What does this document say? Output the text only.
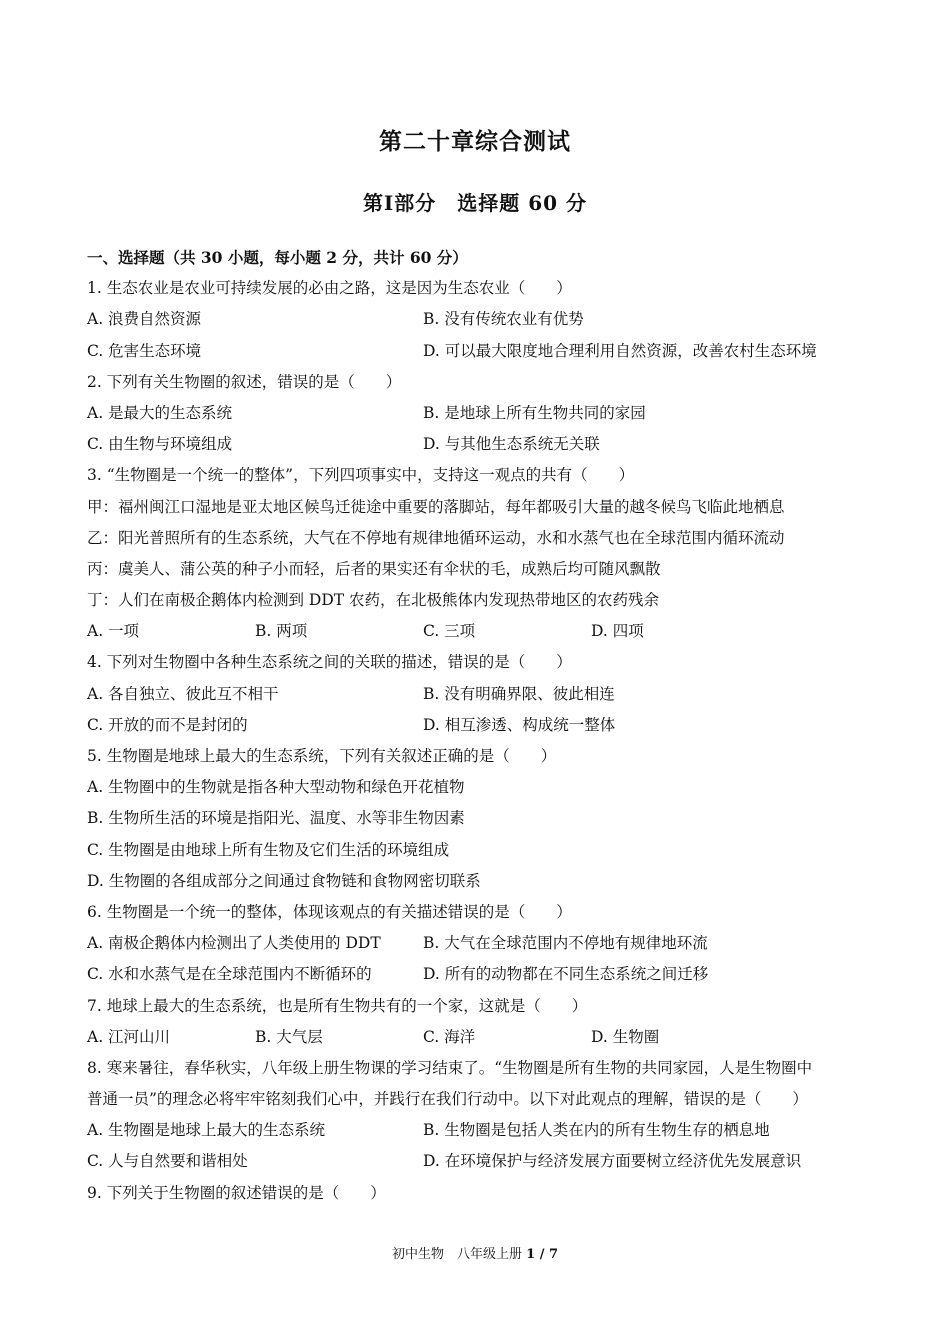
第二十章综合测试
第Ⅰ部分　选择题 60 分
一、选择题（共 30 小题，每小题 2 分，共计 60 分）
1. 生态农业是农业可持续发展的必由之路，这是因为生态农业（　　）
A. 浪费自然资源	B. 没有传统农业有优势
C. 危害生态环境	D. 可以最大限度地合理利用自然资源，改善农村生态环境
2. 下列有关生物圈的叙述，错误的是（　　）
A. 是最大的生态系统	B. 是地球上所有生物共同的家园
C. 由生物与环境组成	D. 与其他生态系统无关联
3. “生物圈是一个统一的整体”，下列四项事实中，支持这一观点的共有（　　）
甲：福州闽江口湿地是亚太地区候鸟迁徙途中重要的落脚站，每年都吸引大量的越冬候鸟飞临此地栖息
乙：阳光普照所有的生态系统，大气在不停地有规律地循环运动，水和水蒸气也在全球范围内循环流动
丙：虞美人、蒲公英的种子小而轻，后者的果实还有伞状的毛，成熟后均可随风飘散
丁：人们在南极企鹅体内检测到 DDT 农药，在北极熊体内发现热带地区的农药残余
A. 一项	B. 两项	C. 三项	D. 四项
4. 下列对生物圈中各种生态系统之间的关联的描述，错误的是（　　）
A. 各自独立、彼此互不相干	B. 没有明确界限、彼此相连
C. 开放的而不是封闭的	D. 相互渗透、构成统一整体
5. 生物圈是地球上最大的生态系统，下列有关叙述正确的是（　　）
A. 生物圈中的生物就是指各种大型动物和绿色开花植物
B. 生物所生活的环境是指阳光、温度、水等非生物因素
C. 生物圈是由地球上所有生物及它们生活的环境组成
D. 生物圈的各组成部分之间通过食物链和食物网密切联系
6. 生物圈是一个统一的整体，体现该观点的有关描述错误的是（　　）
A. 南极企鹅体内检测出了人类使用的 DDT	B. 大气在全球范围内不停地有规律地环流
C. 水和水蒸气是在全球范围内不断循环的	D. 所有的动物都在不同生态系统之间迁移
7. 地球上最大的生态系统，也是所有生物共有的一个家，这就是（　　）
A. 江河山川	B. 大气层	C. 海洋	D. 生物圈
8. 寒来暑往，春华秋实，八年级上册生物课的学习结束了。“生物圈是所有生物的共同家园，人是生物圈中
普通一员”的理念必将牢牢铭刻我们心中，并践行在我们行动中。以下对此观点的理解，错误的是（　　）
A. 生物圈是地球上最大的生态系统	B. 生物圈是包括人类在内的所有生物生存的栖息地
C. 人与自然要和谐相处	D. 在环境保护与经济发展方面要树立经济优先发展意识
9. 下列关于生物圈的叙述错误的是（　　）
初中生物　八年级上册 1 / 7
